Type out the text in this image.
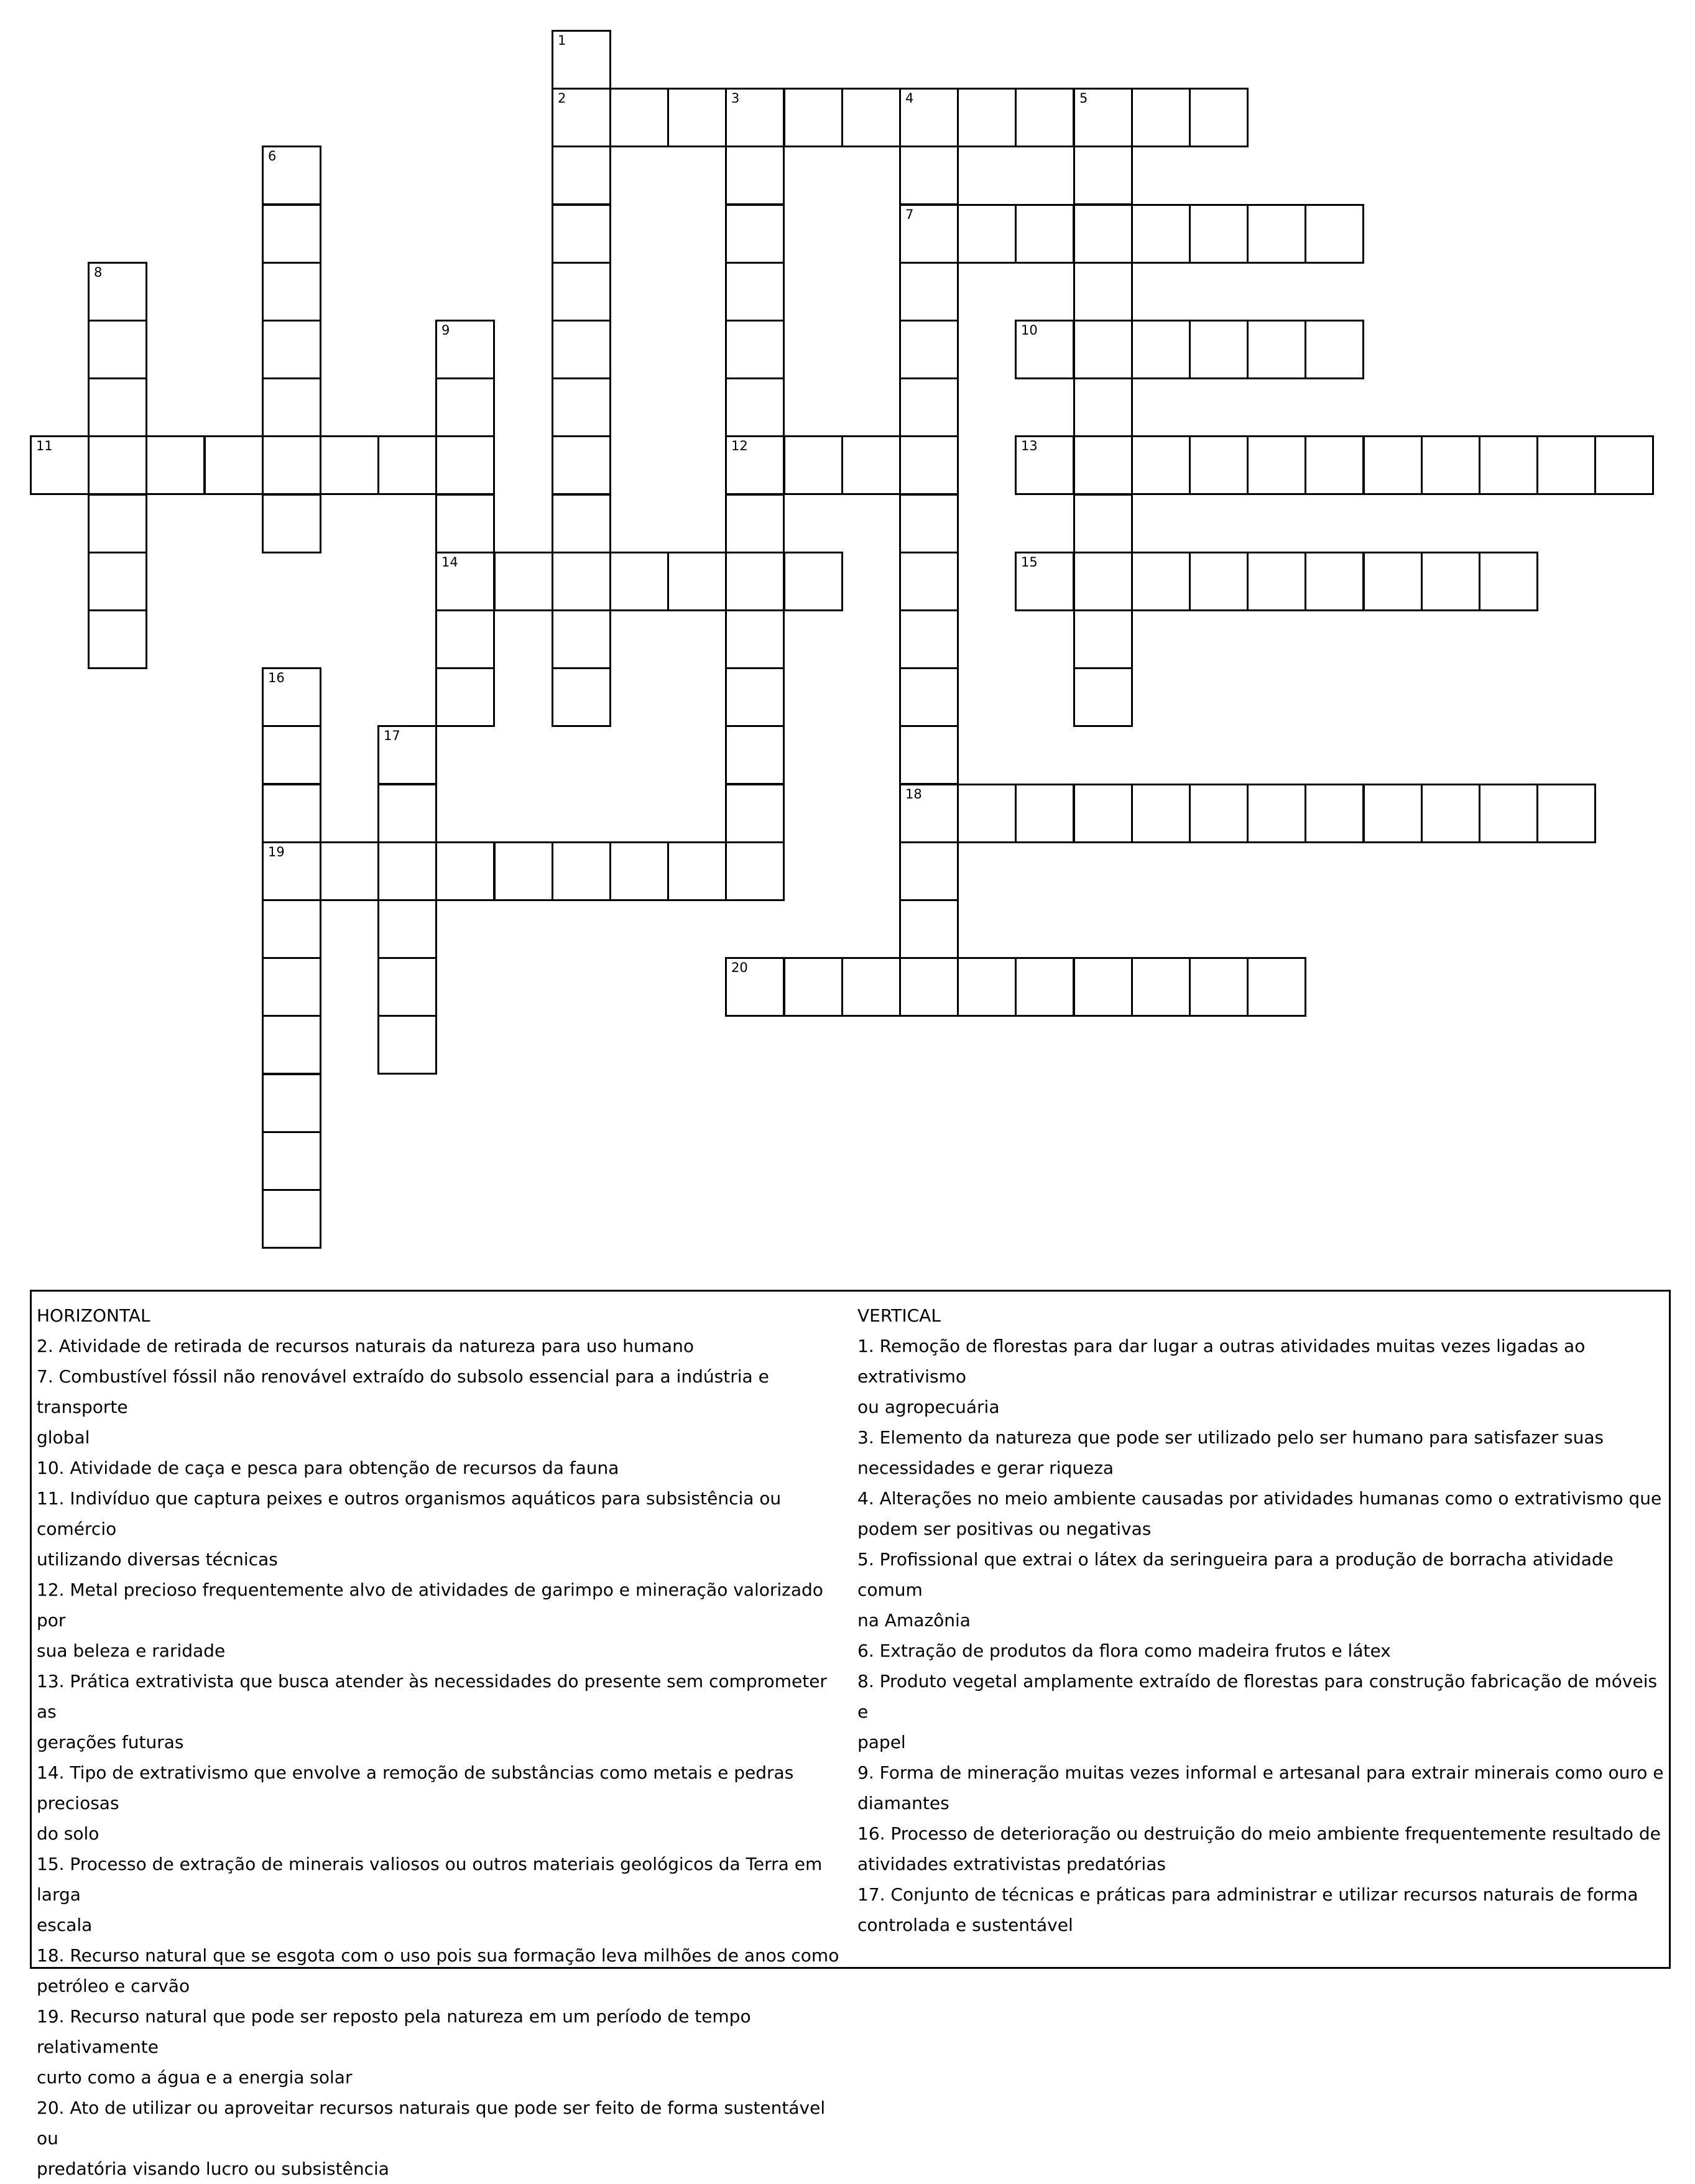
1
2	3	4	5
6
7
8
9	10
11	12	13
14	15
16
17
18
19
20

HORIZONTAL

2. Atividade de retirada de recursos naturais da natureza para uso humano

7. Combustível fóssil não renovável extraído do subsolo essencial para a indústria e transporte

global

10. Atividade de caça e pesca para obtenção de recursos da fauna

11. Indivíduo que captura peixes e outros organismos aquáticos para subsistência ou comércio

utilizando diversas técnicas

12. Metal precioso frequentemente alvo de atividades de garimpo e mineração valorizado por

sua beleza e raridade

13. Prática extrativista que busca atender às necessidades do presente sem comprometer as

gerações futuras

14. Tipo de extrativismo que envolve a remoção de substâncias como metais e pedras preciosas

do solo

15. Processo de extração de minerais valiosos ou outros materiais geológicos da Terra em larga

escala

18. Recurso natural que se esgota com o uso pois sua formação leva milhões de anos como

petróleo e carvão

19. Recurso natural que pode ser reposto pela natureza em um período de tempo relativamente

curto como a água e a energia solar

20. Ato de utilizar ou aproveitar recursos naturais que pode ser feito de forma sustentável ou

predatória visando lucro ou subsistência

VERTICAL

1. Remoção de florestas para dar lugar a outras atividades muitas vezes ligadas ao extrativismo

ou agropecuária

3. Elemento da natureza que pode ser utilizado pelo ser humano para satisfazer suas

necessidades e gerar riqueza

4. Alterações no meio ambiente causadas por atividades humanas como o extrativismo que

podem ser positivas ou negativas

5. Profissional que extrai o látex da seringueira para a produção de borracha atividade comum

na Amazônia

6. Extração de produtos da flora como madeira frutos e látex

8. Produto vegetal amplamente extraído de florestas para construção fabricação de móveis e

papel

9. Forma de mineração muitas vezes informal e artesanal para extrair minerais como ouro e

diamantes

16. Processo de deterioração ou destruição do meio ambiente frequentemente resultado de

atividades extrativistas predatórias

17. Conjunto de técnicas e práticas para administrar e utilizar recursos naturais de forma

controlada e sustentável
